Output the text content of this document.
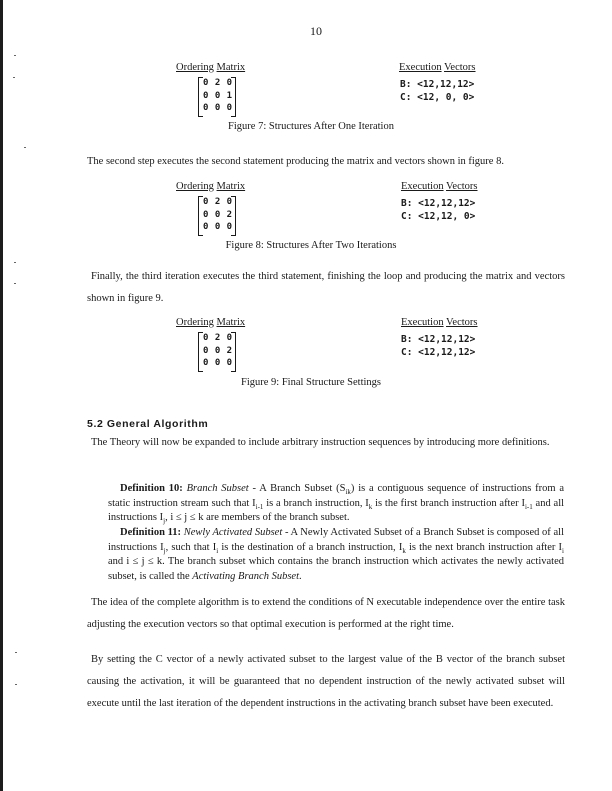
10
Ordering Matrix
0 2 0
0 0 1
0 0 0
Execution Vectors
B: <12,12,12>
C: <12, 0, 0>
Figure 7: Structures After One Iteration
The second step executes the second statement producing the matrix and vectors shown in figure 8.
Ordering Matrix
0 2 0
0 0 2
0 0 0
Execution Vectors
B: <12,12,12>
C: <12,12, 0>
Figure 8: Structures After Two Iterations
Finally, the third iteration executes the third statement, finishing the loop and producing the matrix and vectors shown in figure 9.
Ordering Matrix
0 2 0
0 0 2
0 0 0
Execution Vectors
B: <12,12,12>
C: <12,12,12>
Figure 9: Final Structure Settings
5.2 General Algorithm
The Theory will now be expanded to include arbitrary instruction sequences by introducing more definitions.
Definition 10: Branch Subset - A Branch Subset $(S_{ik})$ is a contiguous sequence of instructions from a static instruction stream such that $I_{i-1}$ is a branch instruction, $I_k$ is the first branch instruction after $I_{i-1}$ and all instructions $I_j$, i ≤ j ≤ k are members of the branch subset.
Definition 11: Newly Activated Subset - A Newly Activated Subset of a Branch Subset is composed of all instructions $I_j$, such that $I_i$ is the destination of a branch instruction, $I_k$ is the next branch instruction after $I_i$ and i ≤ j ≤ k. The branch subset which contains the branch instruction which activates the newly activated subset, is called the Activating Branch Subset.
The idea of the complete algorithm is to extend the conditions of N executable independence over the entire task adjusting the execution vectors so that optimal execution is performed at the right time.
By setting the C vector of a newly activated subset to the largest value of the B vector of the branch subset causing the activation, it will be guaranteed that no dependent instruction of the newly activated subset will execute until the last iteration of the dependent instructions in the activating branch subset have been executed.
